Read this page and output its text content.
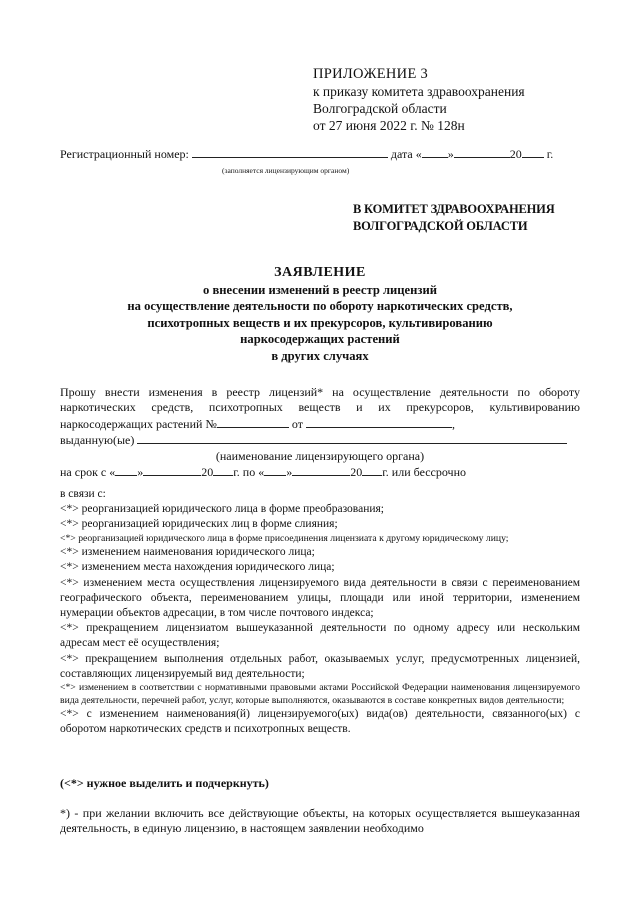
ПРИЛОЖЕНИЕ 3
к приказу комитета здравоохранения
Волгоградской области
от 27 июня 2022 г. № 128н
Регистрационный номер:	дата « »	20 г.
(заполняется лицензирующим органом)
В КОМИТЕТ ЗДРАВООХРАНЕНИЯ
ВОЛГОГРАДСКОЙ ОБЛАСТИ
ЗАЯВЛЕНИЕ
о внесении изменений в реестр лицензий
на осуществление деятельности по обороту наркотических средств,
психотропных веществ и их прекурсоров, культивированию
наркосодержащих растений
в других случаях
Прошу внести изменения в реестр лицензий* на осуществление деятельности по обороту
наркотических средств, психотропных веществ и их прекурсоров, культивированию
наркосодержащих растений №	от	,
выданную(ые)
(наименование лицензирующего органа)
на срок с « »	20 г. по « »	20 г. или бессрочно

в связи с:

<*> реорганизацией юридического лица в форме преобразования;

<*> реорганизацией юридических лиц в форме слияния;

<*> реорганизацией юридического лица в форме присоединения лицензиата к другому юридическому лицу;

<*> изменением наименования юридического лица;

<*> изменением места нахождения юридического лица;

<*> изменением места осуществления лицензируемого вида деятельности в связи с переименованием географического объекта, переименованием улицы, площади или иной территории, изменением нумерации объектов адресации, в том числе почтового индекса;

<*> прекращением лицензиатом вышеуказанной деятельности по одному адресу или нескольким адресам мест её осуществления;

<*> прекращением выполнения отдельных работ, оказываемых услуг, предусмотренных лицензией, составляющих лицензируемый вид деятельности;

<*> изменением в соответствии с нормативными правовыми актами Российской Федерации наименования лицензируемого вида деятельности, перечней работ, услуг, которые выполняются, оказываются в составе конкретных видов деятельности;

<*> с изменением наименования(й) лицензируемого(ых) вида(ов) деятельности, связанного(ых) с оборотом наркотических средств и психотропных веществ.

(<*> нужное выделить и подчеркнуть)
*) - при желании включить все действующие объекты, на которых осуществляется вышеуказанная деятельность, в единую лицензию, в настоящем заявлении необходимо
